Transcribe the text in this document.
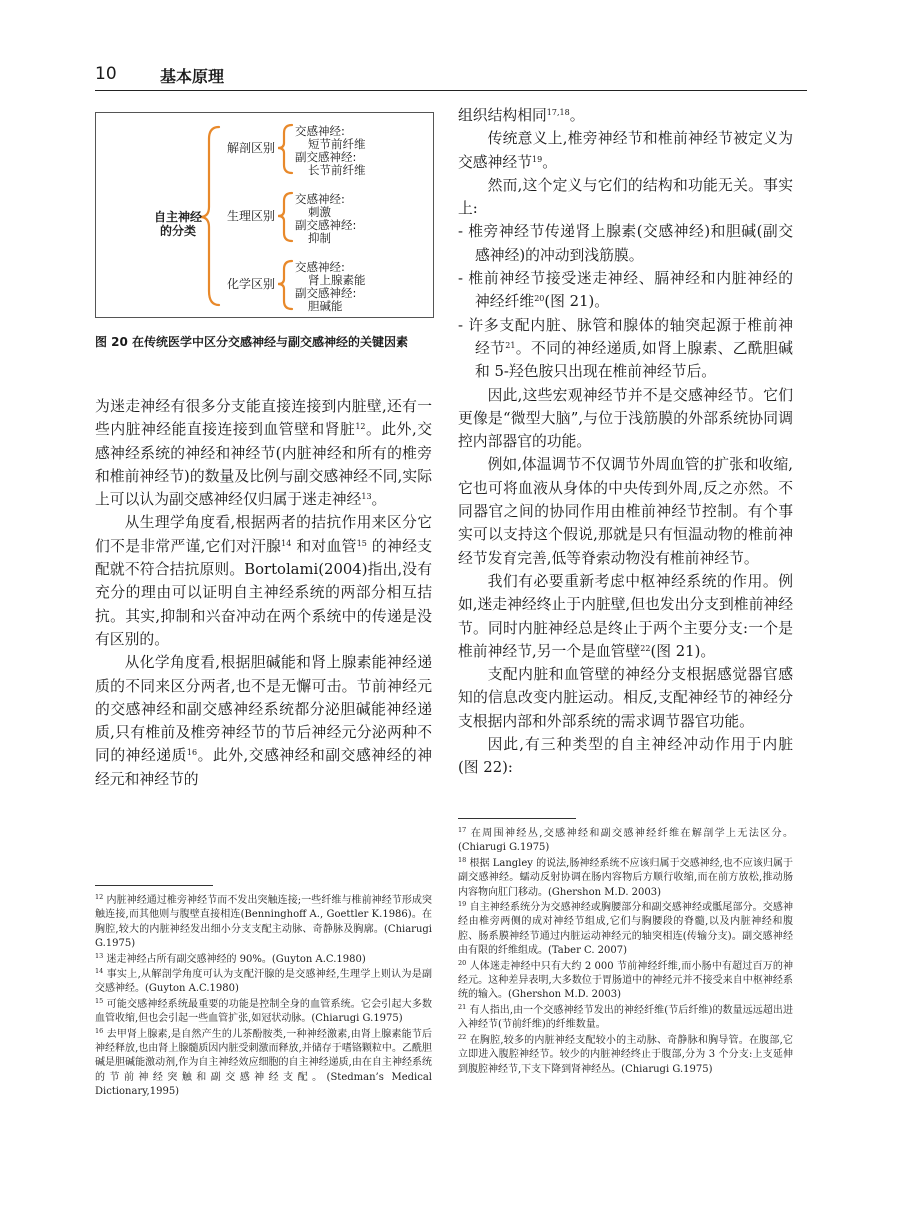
10	基本原理
自主神经
的分类
解剖区别
交感神经:
短节前纤维
副交感神经:
长节前纤维
生理区别
交感神经:
刺激
副交感神经:
抑制
化学区别
交感神经:
肾上腺素能
副交感神经:
胆碱能
图 20 在传统医学中区分交感神经与副交感神经的关键因素

为迷走神经有很多分支能直接连接到内脏壁,还有一些内脏神经能直接连接到血管壁和肾脏$^{12}$。此外,交感神经系统的神经和神经节(内脏神经和所有的椎旁和椎前神经节)的数量及比例与副交感神经不同,实际上可以认为副交感神经仅归属于迷走神经$^{13}$。

从生理学角度看,根据两者的拮抗作用来区分它们不是非常严谨,它们对汗腺$^{14}$ 和对血管$^{15}$ 的神经支配就不符合拮抗原则。Bortolami(2004)指出,没有充分的理由可以证明自主神经系统的两部分相互拮抗。其实,抑制和兴奋冲动在两个系统中的传递是没有区别的。

从化学角度看,根据胆碱能和肾上腺素能神经递质的不同来区分两者,也不是无懈可击。节前神经元的交感神经和副交感神经系统都分泌胆碱能神经递质,只有椎前及椎旁神经节的节后神经元分泌两种不同的神经递质$^{16}$。此外,交感神经和副交感神经的神经元和神经节的

组织结构相同$^{17,18}$。

传统意义上,椎旁神经节和椎前神经节被定义为交感神经节$^{19}$。

然而,这个定义与它们的结构和功能无关。事实上:

- 椎旁神经节传递肾上腺素(交感神经)和胆碱(副交感神经)的冲动到浅筋膜。

- 椎前神经节接受迷走神经、膈神经和内脏神经的神经纤维$^{20}$(图 21)。

- 许多支配内脏、脉管和腺体的轴突起源于椎前神经节$^{21}$。不同的神经递质,如肾上腺素、乙酰胆碱和 5-羟色胺只出现在椎前神经节后。

因此,这些宏观神经节并不是交感神经节。它们更像是“微型大脑”,与位于浅筋膜的外部系统协同调控内部器官的功能。

例如,体温调节不仅调节外周血管的扩张和收缩,它也可将血液从身体的中央传到外周,反之亦然。不同器官之间的协同作用由椎前神经节控制。有个事实可以支持这个假说,那就是只有恒温动物的椎前神经节发育完善,低等脊索动物没有椎前神经节。

我们有必要重新考虑中枢神经系统的作用。例如,迷走神经终止于内脏壁,但也发出分支到椎前神经节。同时内脏神经总是终止于两个主要分支:一个是椎前神经节,另一个是血管壁$^{22}$(图 21)。

支配内脏和血管壁的神经分支根据感觉器官感知的信息改变内脏运动。相反,支配神经节的神经分支根据内部和外部系统的需求调节器官功能。

因此,有三种类型的自主神经冲动作用于内脏(图 22):

$^{12}$ 内脏神经通过椎旁神经节而不发出突触连接;一些纤维与椎前神经节形成突触连接,而其他则与腹壁直接相连(Benninghoff A., Goettler K.1986)。在胸腔,较大的内脏神经发出细小分支支配主动脉、奇静脉及胸廓。(Chiarugi G.1975)

$^{13}$ 迷走神经占所有副交感神经的 90%。(Guyton A.C.1980)

$^{14}$ 事实上,从解剖学角度可认为支配汗腺的是交感神经,生理学上则认为是副交感神经。(Guyton A.C.1980)

$^{15}$ 可能交感神经系统最重要的功能是控制全身的血管系统。它会引起大多数血管收缩,但也会引起一些血管扩张,如冠状动脉。(Chiarugi G.1975)

$^{16}$ 去甲肾上腺素,是自然产生的儿茶酚胺类,一种神经激素,由肾上腺素能节后神经释放,也由肾上腺髓质因内脏受刺激而释放,并储存于嗜铬颗粒中。乙酰胆碱是胆碱能激动剂,作为自主神经效应细胞的自主神经递质,由在自主神经系统的节前神经突触和副交感神经支配。(Stedman’s Medical Dictionary,1995)

$^{17}$ 在周围神经丛,交感神经和副交感神经纤维在解剖学上无法区分。(Chiarugi G.1975)

$^{18}$ 根据 Langley 的说法,肠神经系统不应该归属于交感神经,也不应该归属于副交感神经。蠕动反射协调在肠内容物后方顺行收缩,而在前方放松,推动肠内容物向肛门移动。(Ghershon M.D. 2003)

$^{19}$ 自主神经系统分为交感神经或胸腰部分和副交感神经或骶尾部分。交感神经由椎旁两侧的成对神经节组成,它们与胸腰段的脊髓,以及内脏神经和腹腔、肠系膜神经节通过内脏运动神经元的轴突相连(传输分支)。副交感神经由有限的纤维组成。(Taber C. 2007)

$^{20}$ 人体迷走神经中只有大约 2 000 节前神经纤维,而小肠中有超过百万的神经元。这种差异表明,大多数位于胃肠道中的神经元并不接受来自中枢神经系统的输入。(Ghershon M.D. 2003)

$^{21}$ 有人指出,由一个交感神经节发出的神经纤维(节后纤维)的数量远远超出进入神经节(节前纤维)的纤维数量。

$^{22}$ 在胸腔,较多的内脏神经支配较小的主动脉、奇静脉和胸导管。在腹部,它立即进入腹腔神经节。较少的内脏神经终止于腹部,分为 3 个分支:上支延伸到腹腔神经节,下支下降到肾神经丛。(Chiarugi G.1975)
